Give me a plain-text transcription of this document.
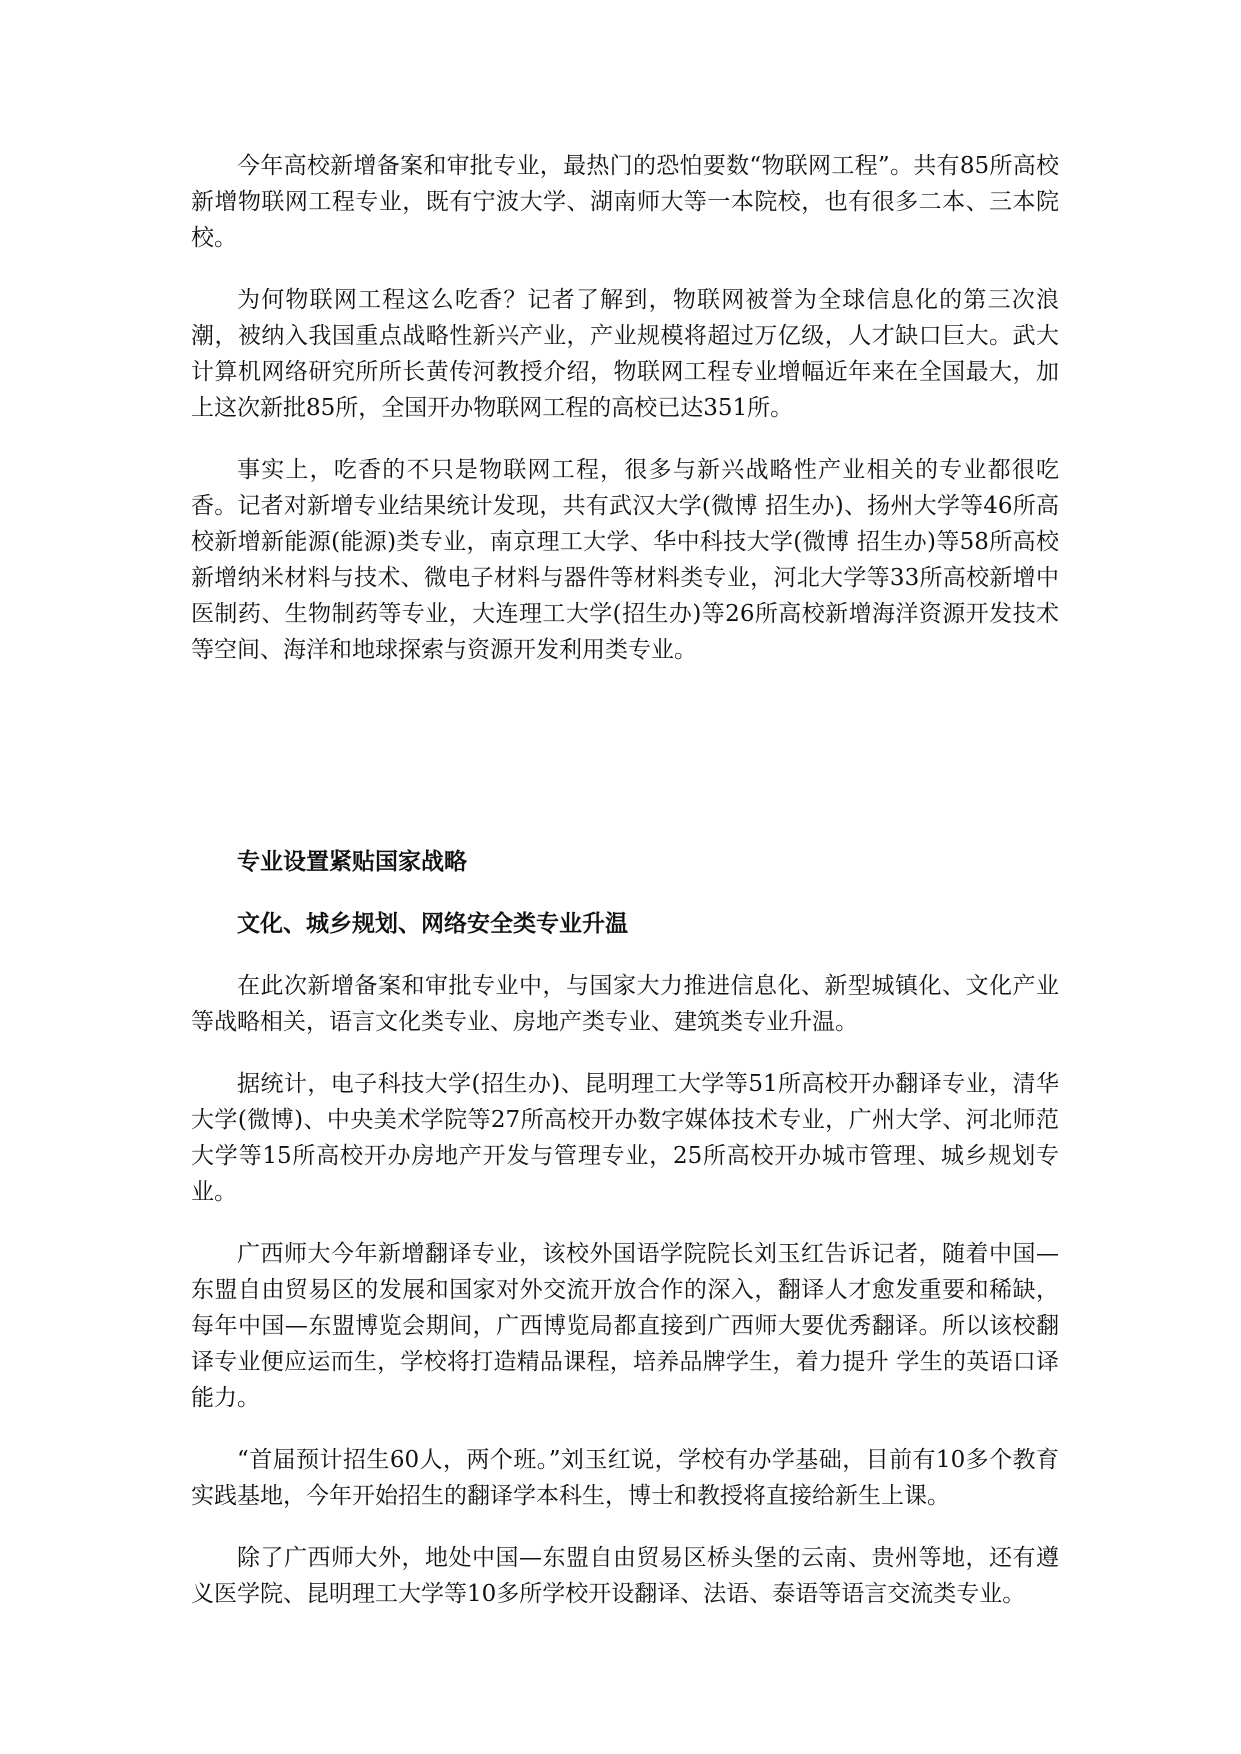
今年高校新增备案和审批专业，最热门的恐怕要数“物联网工程”。共有85所高校新增物联网工程专业，既有宁波大学、湖南师大等一本院校，也有很多二本、三本院校。

为何物联网工程这么吃香？记者了解到，物联网被誉为全球信息化的第三次浪潮，被纳入我国重点战略性新兴产业，产业规模将超过万亿级，人才缺口巨大。武大计算机网络研究所所长黄传河教授介绍，物联网工程专业增幅近年来在全国最大，加上这次新批85所，全国开办物联网工程的高校已达351所。

事实上，吃香的不只是物联网工程，很多与新兴战略性产业相关的专业都很吃香。记者对新增专业结果统计发现，共有武汉大学(微博 招生办)、扬州大学等46所高校新增新能源(能源)类专业，南京理工大学、华中科技大学(微博 招生办)等58所高校新增纳米材料与技术、微电子材料与器件等材料类专业，河北大学等33所高校新增中医制药、生物制药等专业，大连理工大学(招生办)等26所高校新增海洋资源开发技术等空间、海洋和地球探索与资源开发利用类专业。

专业设置紧贴国家战略
文化、城乡规划、网络安全类专业升温

在此次新增备案和审批专业中，与国家大力推进信息化、新型城镇化、文化产业等战略相关，语言文化类专业、房地产类专业、建筑类专业升温。

据统计，电子科技大学(招生办)、昆明理工大学等51所高校开办翻译专业，清华大学(微博)、中央美术学院等27所高校开办数字媒体技术专业，广州大学、河北师范大学等15所高校开办房地产开发与管理专业，25所高校开办城市管理、城乡规划专业。

广西师大今年新增翻译专业，该校外国语学院院长刘玉红告诉记者，随着中国—东盟自由贸易区的发展和国家对外交流开放合作的深入，翻译人才愈发重要和稀缺，每年中国—东盟博览会期间，广西博览局都直接到广西师大要优秀翻译。所以该校翻译专业便应运而生，学校将打造精品课程，培养品牌学生，着力提升 学生的英语口译能力。

“首届预计招生60人，两个班。”刘玉红说，学校有办学基础，目前有10多个教育实践基地，今年开始招生的翻译学本科生，博士和教授将直接给新生上课。

除了广西师大外，地处中国—东盟自由贸易区桥头堡的云南、贵州等地，还有遵义医学院、昆明理工大学等10多所学校开设翻译、法语、泰语等语言交流类专业。
